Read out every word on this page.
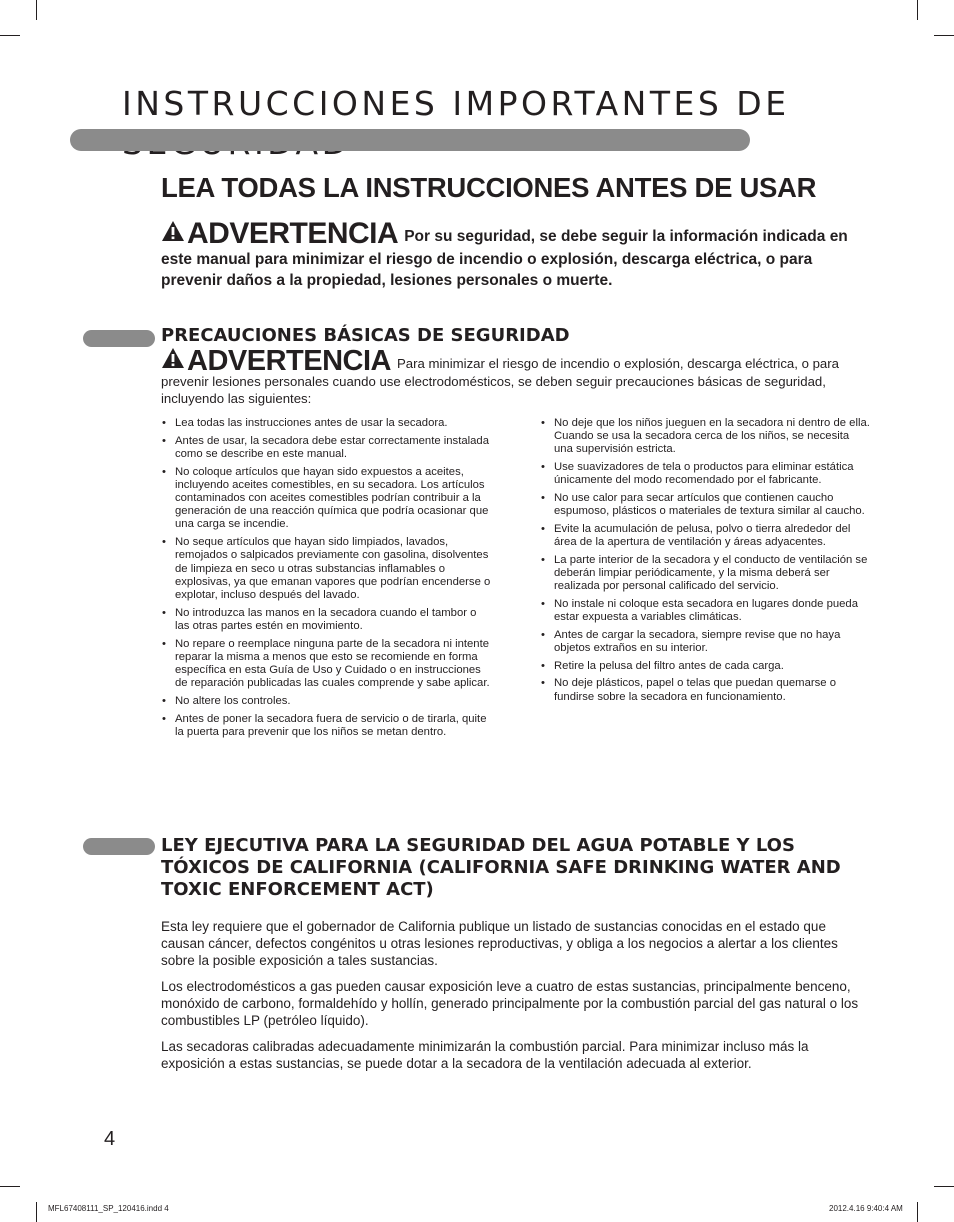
INSTRUCCIONES IMPORTANTES DE
LEA TODAS LA INSTRUCCIONES ANTES DE USAR
ADVERTENCIA Por su seguridad, se debe seguir la información indicada en este manual para minimizar el riesgo de incendio o explosión, descarga eléctrica, o para prevenir daños a la propiedad, lesiones personales o muerte.
PRECAUCIONES BÁSICAS DE SEGURIDAD
ADVERTENCIA Para minimizar el riesgo de incendio o explosión, descarga eléctrica, o para prevenir lesiones personales cuando use electrodomésticos, se deben seguir precauciones básicas de seguridad, incluyendo las siguientes:
• Lea todas las instrucciones antes de usar la secadora.
• Antes de usar, la secadora debe estar correctamente instalada como se describe en este manual.
• No coloque artículos que hayan sido expuestos a aceites, incluyendo aceites comestibles, en su secadora. Los artículos contaminados con aceites comestibles podrían contribuir a la generación de una reacción química que podría ocasionar que una carga se incendie.
• No seque artículos que hayan sido limpiados, lavados, remojados o salpicados previamente con gasolina, disolventes de limpieza en seco u otras substancias inflamables o explosivas, ya que emanan vapores que podrían encenderse o explotar, incluso después del lavado.
• No introduzca las manos en la secadora cuando el tambor o las otras partes estén en movimiento.
• No repare o reemplace ninguna parte de la secadora ni intente reparar la misma a menos que esto se recomiende en forma específica en esta Guía de Uso y Cuidado o en instrucciones de reparación publicadas las cuales comprende y sabe aplicar.
• No altere los controles.
• Antes de poner la secadora fuera de servicio o de tirarla, quite la puerta para prevenir que los niños se metan dentro.
• No deje que los niños jueguen en la secadora ni dentro de ella. Cuando se usa la secadora cerca de los niños, se necesita una supervisión estricta.
• Use suavizadores de tela o productos para eliminar estática únicamente del modo recomendado por el fabricante.
• No use calor para secar artículos que contienen caucho espumoso, plásticos o materiales de textura similar al caucho.
• Evite la acumulación de pelusa, polvo o tierra alrededor del área de la apertura de ventilación y áreas adyacentes.
• La parte interior de la secadora y el conducto de ventilación se deberán limpiar periódicamente, y la misma deberá ser realizada por personal calificado del servicio.
• No instale ni coloque esta secadora en lugares donde pueda estar expuesta a variables climáticas.
• Antes de cargar la secadora, siempre revise que no haya objetos extraños en su interior.
• Retire la pelusa del filtro antes de cada carga.
• No deje plásticos, papel o telas que puedan quemarse o fundirse sobre la secadora en funcionamiento.
LEY EJECUTIVA PARA LA SEGURIDAD DEL AGUA POTABLE Y LOS TÓXICOS DE CALIFORNIA (CALIFORNIA SAFE DRINKING WATER AND TOXIC ENFORCEMENT ACT)

Esta ley requiere que el gobernador de California publique un listado de sustancias conocidas en el estado que causan cáncer, defectos congénitos u otras lesiones reproductivas, y obliga a los negocios a alertar a los clientes sobre la posible exposición a tales sustancias.

Los electrodomésticos a gas pueden causar exposición leve a cuatro de estas sustancias, principalmente benceno, monóxido de carbono, formaldehído y hollín, generado principalmente por la combustión parcial del gas natural o los combustibles LP (petróleo líquido).

Las secadoras calibradas adecuadamente minimizarán la combustión parcial. Para minimizar incluso más la exposición a estas sustancias, se puede dotar a la secadora de la ventilación adecuada al exterior.

4
MFL67408111_SP_120416.indd 4	2012.4.16 9:40:4 AM
